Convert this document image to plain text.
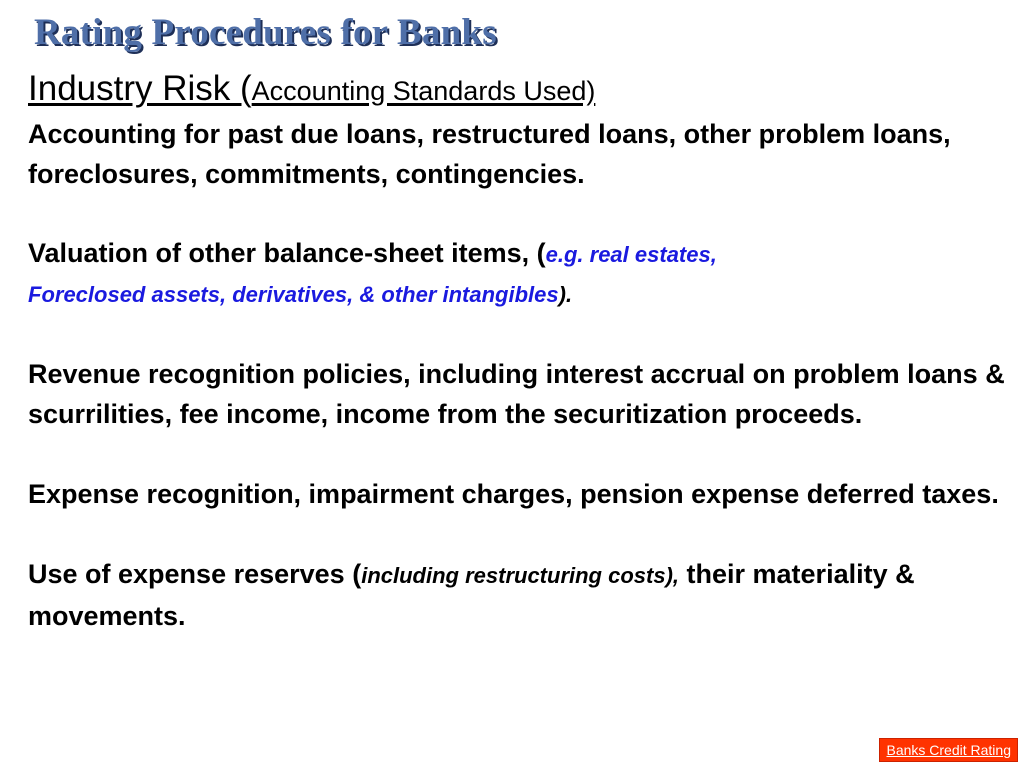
Rating Procedures for Banks
Industry Risk (Accounting Standards Used)

Accounting for past due loans, restructured loans, other problem loans, foreclosures, commitments, contingencies.

Valuation of other balance-sheet items, (e.g. real estates,
Foreclosed assets, derivatives, & other intangibles).

Revenue recognition policies, including interest accrual on problem loans & scurrilities, fee income, income from the securitization proceeds.

Expense recognition, impairment charges, pension expense deferred taxes.

Use of expense reserves (including restructuring costs), their materiality & movements.

Banks Credit Rating
